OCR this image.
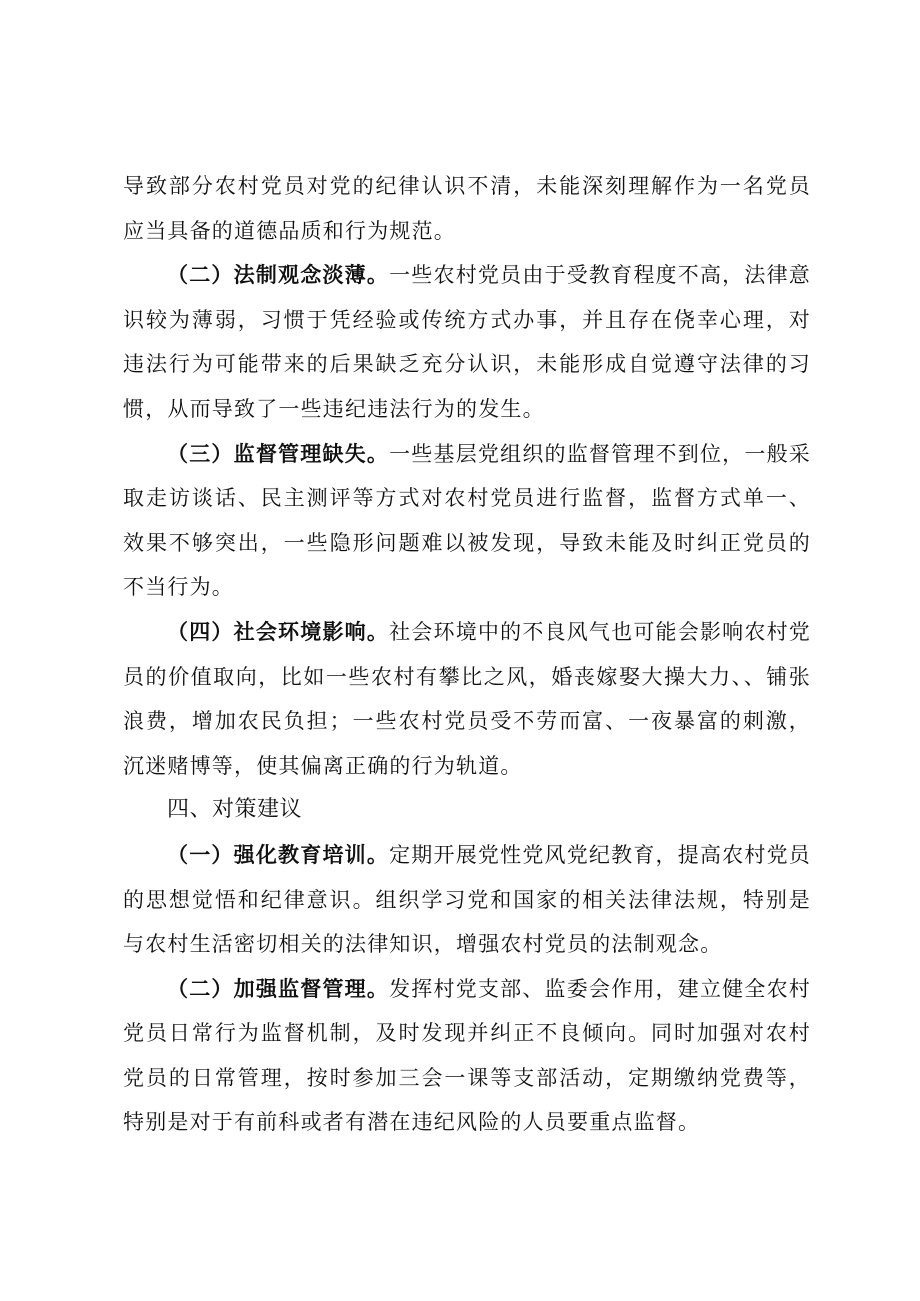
导致部分农村党员对党的纪律认识不清，未能深刻理解作为一名党员应当具备的道德品质和行为规范。

（二）法制观念淡薄。一些农村党员由于受教育程度不高，法律意识较为薄弱，习惯于凭经验或传统方式办事，并且存在侥幸心理，对违法行为可能带来的后果缺乏充分认识，未能形成自觉遵守法律的习惯，从而导致了一些违纪违法行为的发生。

（三）监督管理缺失。一些基层党组织的监督管理不到位，一般采取走访谈话、民主测评等方式对农村党员进行监督，监督方式单一、效果不够突出，一些隐形问题难以被发现，导致未能及时纠正党员的不当行为。

（四）社会环境影响。社会环境中的不良风气也可能会影响农村党员的价值取向，比如一些农村有攀比之风，婚丧嫁娶大操大力、、铺张浪费，增加农民负担；一些农村党员受不劳而富、一夜暴富的刺激，沉迷赌博等，使其偏离正确的行为轨道。

四、对策建议

（一）强化教育培训。定期开展党性党风党纪教育，提高农村党员的思想觉悟和纪律意识。组织学习党和国家的相关法律法规，特别是与农村生活密切相关的法律知识，增强农村党员的法制观念。

（二）加强监督管理。发挥村党支部、监委会作用，建立健全农村党员日常行为监督机制，及时发现并纠正不良倾向。同时加强对农村党员的日常管理，按时参加三会一课等支部活动，定期缴纳党费等，特别是对于有前科或者有潜在违纪风险的人员要重点监督。
